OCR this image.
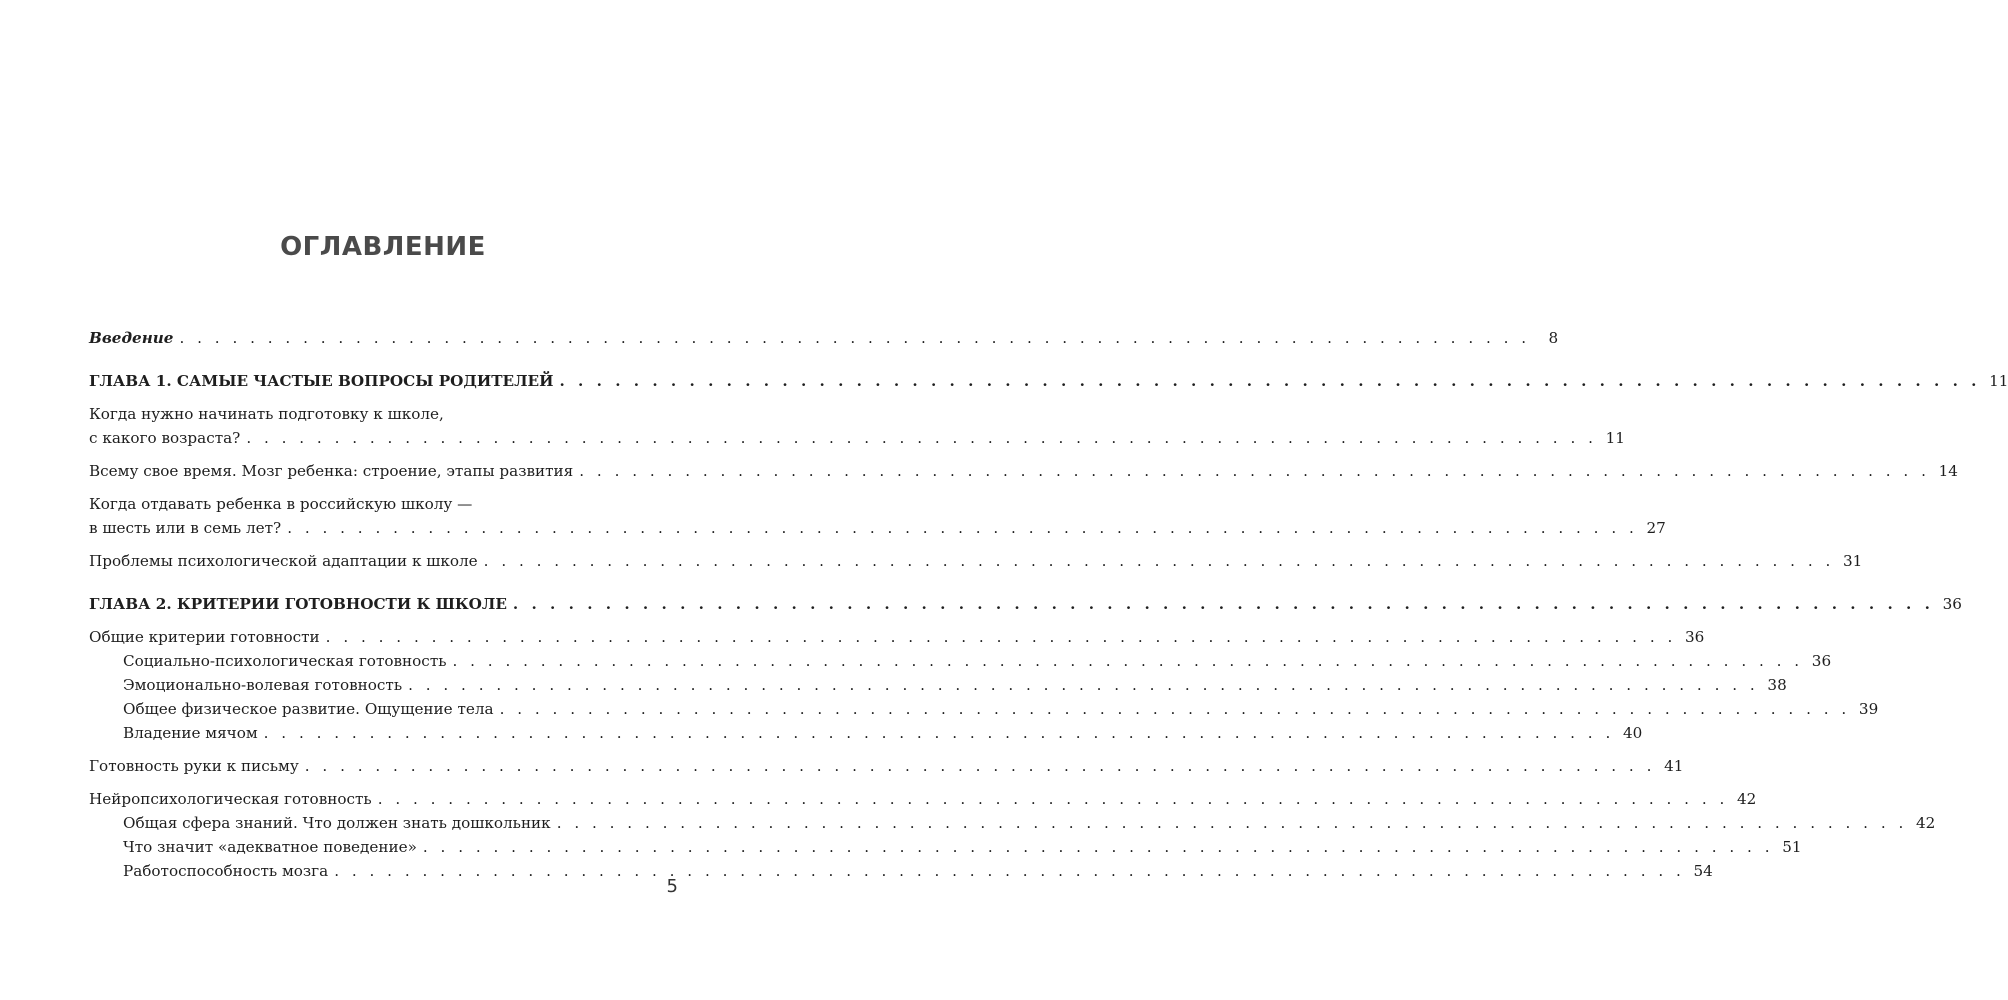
ОГЛАВЛЕНИЕ
Введение . . . . . . . . . . . . . . . . . . . . . . . . . . . . . . . . . . . . . . . . . . . . . . . . . . . . . . . . . . . . . . . . . . . . . . . . . . . . .	8
ГЛАВА 1. САМЫЕ ЧАСТЫЕ ВОПРОСЫ РОДИТЕЛЕЙ . . . . . . . . . . . . . . . . . . . . . . . . . . . . . . . . . . . . . . . . . . . . . . . . . . . . . . . . . . . . . . . . . . . . . . . . . . . . . 11
Когда нужно начинать подготовку к школе,
с какого возраста? . . . . . . . . . . . . . . . . . . . . . . . . . . . . . . . . . . . . . . . . . . . . . . . . . . . . . . . . . . . . . . . . . . . . . . . . . . . . . 11
Всему свое время. Мозг ребенка: строение, этапы развития . . . . . . . . . . . . . . . . . . . . . . . . . . . . . . . . . . . . . . . . . . . . . . . . . . . . . . . . . . . . . . . . . . . . . . . . . . . . . 14
Когда отдавать ребенка в российскую школу —
в шесть или в семь лет? . . . . . . . . . . . . . . . . . . . . . . . . . . . . . . . . . . . . . . . . . . . . . . . . . . . . . . . . . . . . . . . . . . . . . . . . . . . . . 27
Проблемы психологической адаптации к школе . . . . . . . . . . . . . . . . . . . . . . . . . . . . . . . . . . . . . . . . . . . . . . . . . . . . . . . . . . . . . . . . . . . . . . . . . . . . . 31
ГЛАВА 2. КРИТЕРИИ ГОТОВНОСТИ К ШКОЛЕ . . . . . . . . . . . . . . . . . . . . . . . . . . . . . . . . . . . . . . . . . . . . . . . . . . . . . . . . . . . . . . . . . . . . . . . . . . . . . 36
Общие критерии готовности . . . . . . . . . . . . . . . . . . . . . . . . . . . . . . . . . . . . . . . . . . . . . . . . . . . . . . . . . . . . . . . . . . . . . . . . . . . . . 36
Социально-психологическая готовность . . . . . . . . . . . . . . . . . . . . . . . . . . . . . . . . . . . . . . . . . . . . . . . . . . . . . . . . . . . . . . . . . . . . . . . . . . . . . 36
Эмоционально-волевая готовность . . . . . . . . . . . . . . . . . . . . . . . . . . . . . . . . . . . . . . . . . . . . . . . . . . . . . . . . . . . . . . . . . . . . . . . . . . . . . 38
Общее физическое развитие. Ощущение тела . . . . . . . . . . . . . . . . . . . . . . . . . . . . . . . . . . . . . . . . . . . . . . . . . . . . . . . . . . . . . . . . . . . . . . . . . . . . . 39
Владение мячом . . . . . . . . . . . . . . . . . . . . . . . . . . . . . . . . . . . . . . . . . . . . . . . . . . . . . . . . . . . . . . . . . . . . . . . . . . . . . 40
Готовность руки к письму . . . . . . . . . . . . . . . . . . . . . . . . . . . . . . . . . . . . . . . . . . . . . . . . . . . . . . . . . . . . . . . . . . . . . . . . . . . . . 41
Нейропсихологическая готовность . . . . . . . . . . . . . . . . . . . . . . . . . . . . . . . . . . . . . . . . . . . . . . . . . . . . . . . . . . . . . . . . . . . . . . . . . . . . . 42
Общая сфера знаний. Что должен знать дошкольник . . . . . . . . . . . . . . . . . . . . . . . . . . . . . . . . . . . . . . . . . . . . . . . . . . . . . . . . . . . . . . . . . . . . . . . . . . . . . 42
Что значит «адекватное поведение» . . . . . . . . . . . . . . . . . . . . . . . . . . . . . . . . . . . . . . . . . . . . . . . . . . . . . . . . . . . . . . . . . . . . . . . . . . . . . 51
Работоспособность мозга . . . . . . . . . . . . . . . . . . . . . . . . . . . . . . . . . . . . . . . . . . . . . . . . . . . . . . . . . . . . . . . . . . . . . . . . . . . . . 54
5
